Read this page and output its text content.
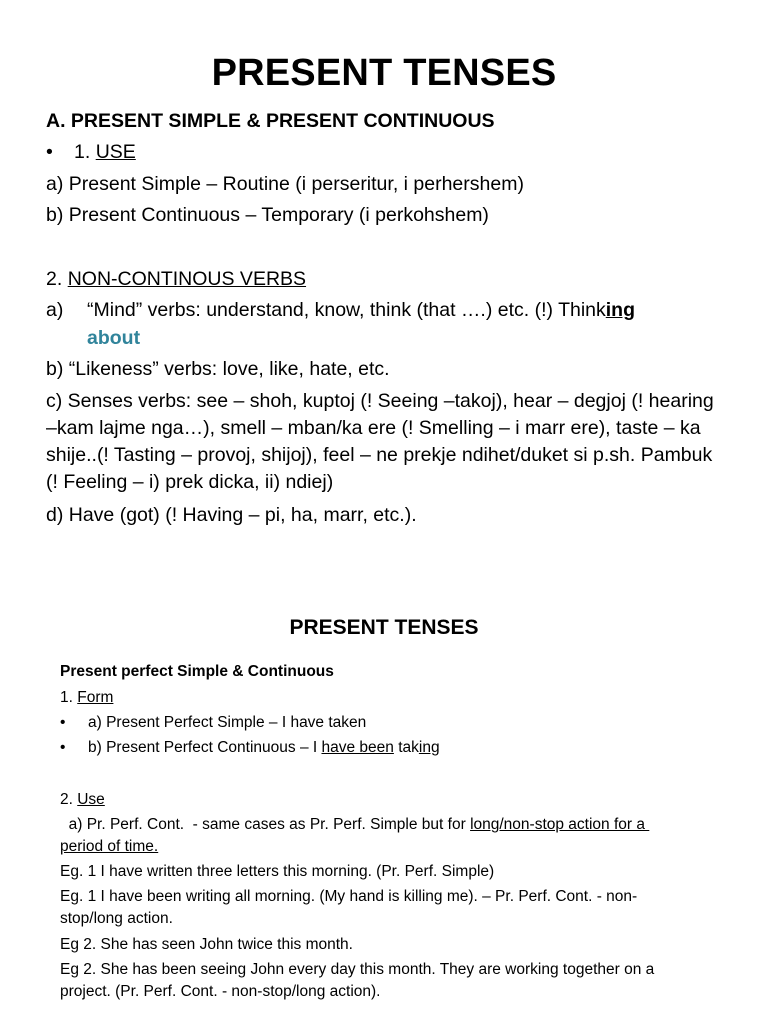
PRESENT TENSES
A. PRESENT SIMPLE & PRESENT CONTINUOUS
• 1. USE
a) Present Simple – Routine (i perseritur, i perhershem)
b) Present Continuous – Temporary (i perkohshem)
2. NON-CONTINOUS VERBS
a) “Mind” verbs: understand, know, think (that ….) etc. (!) Thinking
about
b) “Likeness” verbs: love, like, hate, etc.
c) Senses verbs: see – shoh, kuptoj (! Seeing –takoj), hear – degjoj (! hearing –kam lajme nga…), smell – mban/ka ere (! Smelling – i marr ere), taste – ka shije..(! Tasting – provoj, shijoj), feel – ne prekje ndihet/duket si p.sh. Pambuk (! Feeling – i) prek dicka, ii) ndiej)
d) Have (got) (! Having – pi, ha, marr, etc.).
PRESENT TENSES
Present perfect Simple & Continuous
1. Form
• a) Present Perfect Simple – I have taken
• b) Present Perfect Continuous – I have been taking
2. Use
a) Pr. Perf. Cont.  - same cases as Pr. Perf. Simple but for long/non-stop action for a period of time.
Eg. 1 I have written three letters this morning. (Pr. Perf. Simple)
Eg. 1 I have been writing all morning. (My hand is killing me). – Pr. Perf. Cont. - non-stop/long action.
Eg 2. She has seen John twice this month.
Eg 2. She has been seeing John every day this month. They are working together on a project. (Pr. Perf. Cont. - non-stop/long action).
